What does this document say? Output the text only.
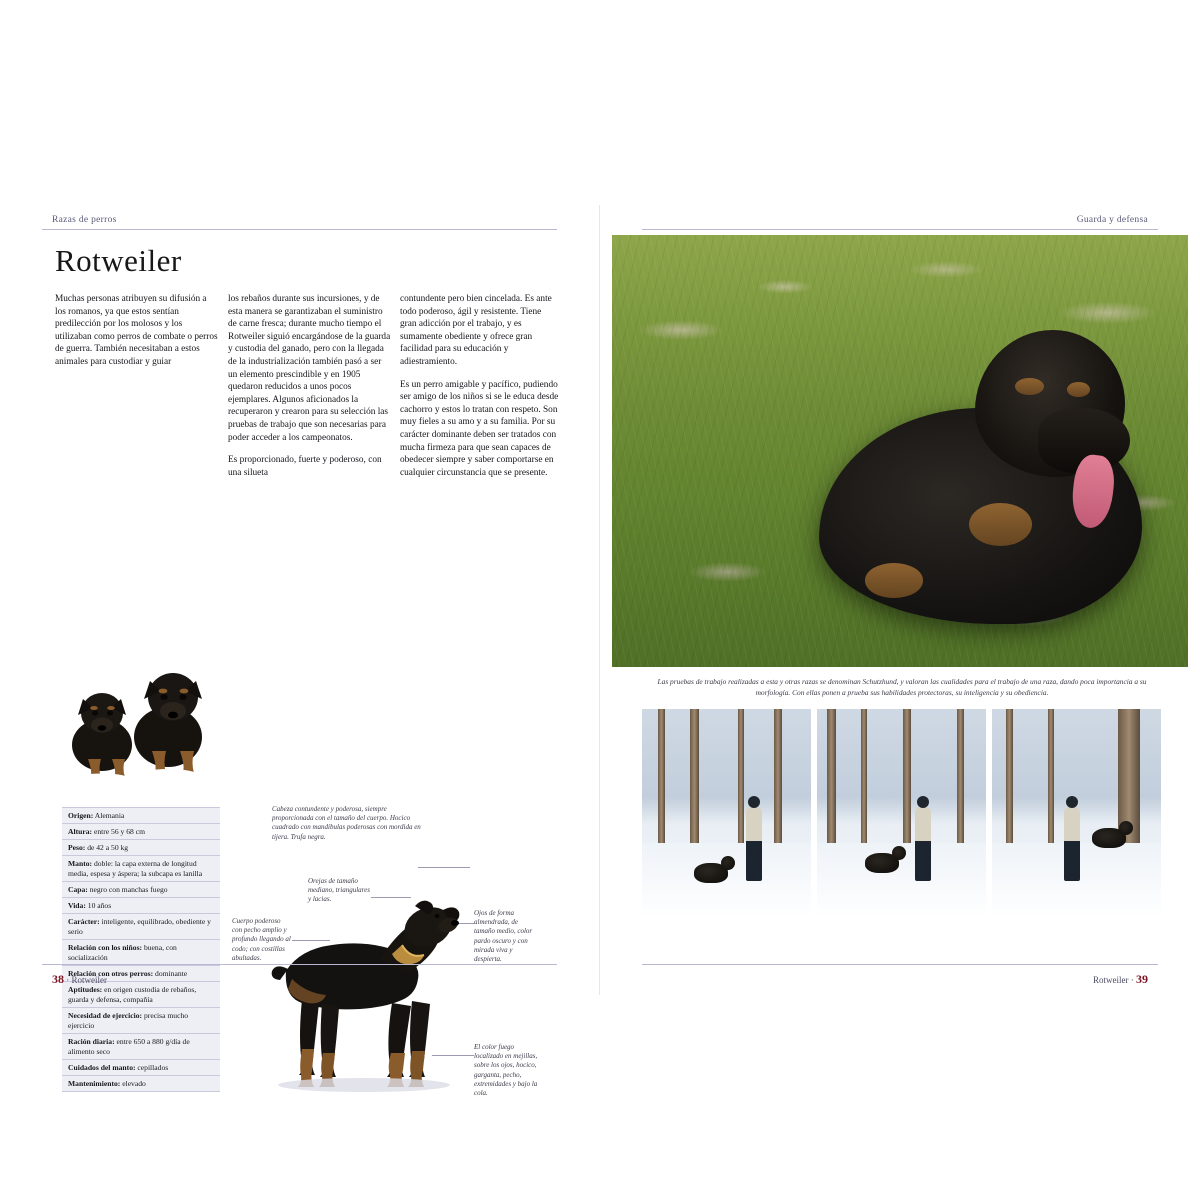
Razas de perros
Rotweiler

Muchas personas atribuyen su difusión a los romanos, ya que estos sentían predilección por los molosos y los utilizaban como perros de combate o perros de guerra. También necesitaban a estos animales para custodiar y guiar

los rebaños durante sus incursiones, y de esta manera se garantizaban el suministro de carne fresca; durante mucho tiempo el Rotweiler siguió encargándose de la guarda y custodia del ganado, pero con la llegada de la industrialización también pasó a ser un elemento prescindible y en 1905 quedaron reducidos a unos pocos ejemplares. Algunos aficionados la recuperaron y crearon para su selección las pruebas de trabajo que son necesarias para poder acceder a los campeonatos.

Es proporcionado, fuerte y poderoso, con una silueta

contundente pero bien cincelada. Es ante todo poderoso, ágil y resistente. Tiene gran adicción por el trabajo, y es sumamente obediente y ofrece gran facilidad para su educación y adiestramiento.

Es un perro amigable y pacífico, pudiendo ser amigo de los niños si se le educa desde cachorro y estos lo tratan con respeto. Son muy fieles a su amo y a su familia. Por su carácter dominante deben ser tratados con mucha firmeza para que sean capaces de obedecer siempre y saber comportarse en cualquier circunstancia que se presente.

Origen: Alemania
Altura: entre 56 y 68 cm
Peso: de 42 a 50 kg
Manto: doble: la capa externa de longitud media, espesa y áspera; la subcapa es lanilla
Capa: negro con manchas fuego
Vida: 10 años
Carácter: inteligente, equilibrado, obediente y serio
Relación con los niños: buena, con socialización
Relación con otros perros: dominante
Aptitudes: en origen custodia de rebaños, guarda y defensa, compañía
Necesidad de ejercicio: precisa mucho ejercicio
Ración diaria: entre 650 a 880 g/día de alimento seco
Cuidados del manto: cepillados
Mantenimiento: elevado
Cabeza contundente y poderosa, siempre proporcionada con el tamaño del cuerpo. Hocico cuadrado con mandíbulas poderosas con mordida en tijera. Trufa negra.
Orejas de tamaño mediano, triangulares y lacias.
Cuerpo poderoso con pecho amplio y profundo llegando al codo; con costillas abultadas.
Ojos de forma almendrada, de tamaño medio, color pardo oscuro y con mirada viva y despierta.
El color fuego localizado en mejillas, sobre los ojos, hocico, garganta, pecho, extremidades y bajo la cola.
38 · Rotweiler
Guarda y defensa
Las pruebas de trabajo realizadas a esta y otras razas se denominan Schutzhund, y valoran las cualidades para el trabajo de una raza, dando poca importancia a su morfología. Con ellas ponen a prueba sus habilidades protectoras, su inteligencia y su obediencia.
Rotweiler · 39
